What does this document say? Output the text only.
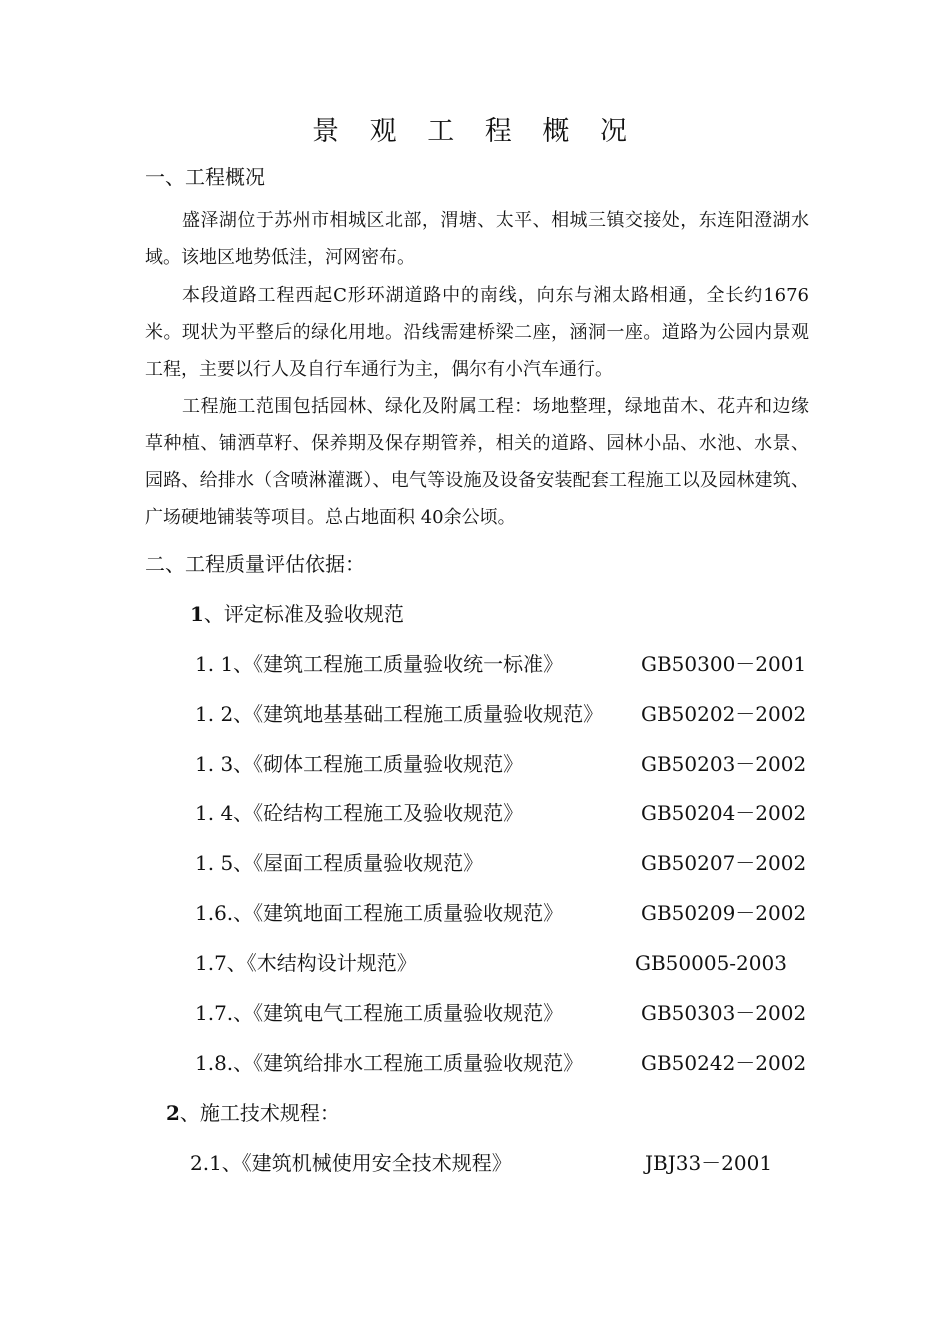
景 观 工 程 概 况
一、工程概况
盛泽湖位于苏州市相城区北部，渭塘、太平、相城三镇交接处，东连阳澄湖水域。该地区地势低洼，河网密布。
本段道路工程西起C形环湖道路中的南线，向东与湘太路相通，全长约1676米。现状为平整后的绿化用地。沿线需建桥梁二座，涵洞一座。道路为公园内景观工程，主要以行人及自行车通行为主，偶尔有小汽车通行。
工程施工范围包括园林、绿化及附属工程：场地整理，绿地苗木、花卉和边缘草种植、铺洒草籽、保养期及保存期管养，相关的道路、园林小品、水池、水景、园路、给排水（含喷淋灌溉）、电气等设施及设备安装配套工程施工以及园林建筑、广场硬地铺装等项目。总占地面积 40余公顷。
二、工程质量评估依据：
1、评定标准及验收规范
1. 1、《建筑工程施工质量验收统一标准》	GB50300－2001
1. 2、《建筑地基基础工程施工质量验收规范》 GB50202－2002
1. 3、《砌体工程施工质量验收规范》	GB50203－2002
1. 4、《砼结构工程施工及验收规范》	GB50204－2002
1. 5、《屋面工程质量验收规范》	GB50207－2002
1.6.、《建筑地面工程施工质量验收规范》	GB50209－2002
1.7、《木结构设计规范》	GB50005-2003
1.7.、《建筑电气工程施工质量验收规范》	GB50303－2002
1.8.、《建筑给排水工程施工质量验收规范》	GB50242－2002
2、施工技术规程：
2.1、《建筑机械使用安全技术规程》	JBJ33－2001
